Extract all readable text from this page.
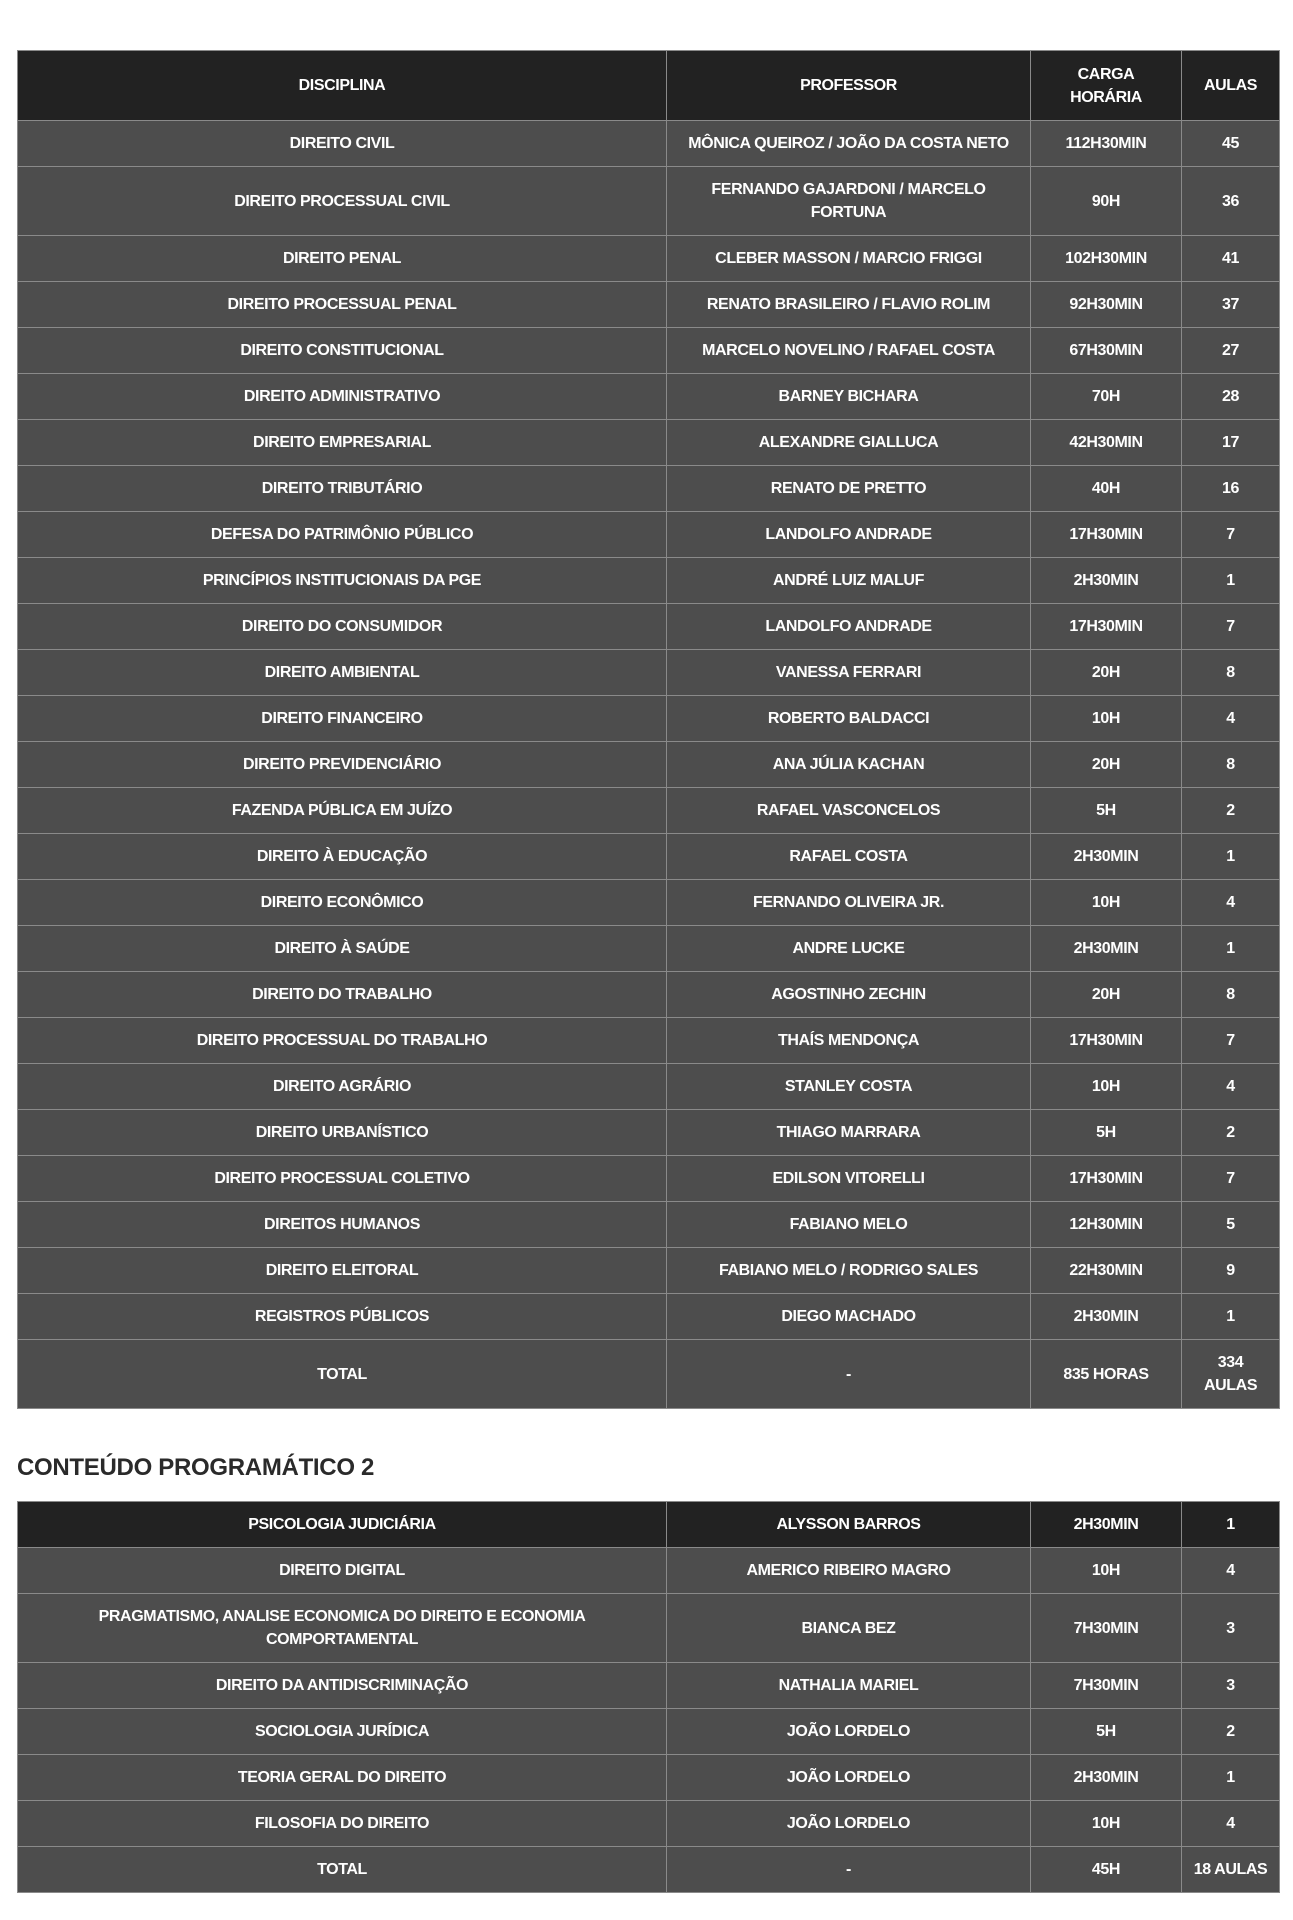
DISCIPLINA	PROFESSOR	CARGA HORÁRIA	AULAS
DIREITO CIVIL	MÔNICA QUEIROZ / JOÃO DA COSTA NETO	112H30MIN	45
DIREITO PROCESSUAL CIVIL	FERNANDO GAJARDONI / MARCELO FORTUNA	90H	36
DIREITO PENAL	CLEBER MASSON / MARCIO FRIGGI	102H30MIN	41
DIREITO PROCESSUAL PENAL	RENATO BRASILEIRO / FLAVIO ROLIM	92H30MIN	37
DIREITO CONSTITUCIONAL	MARCELO NOVELINO / RAFAEL COSTA	67H30MIN	27
DIREITO ADMINISTRATIVO	BARNEY BICHARA	70H	28
DIREITO EMPRESARIAL	ALEXANDRE GIALLUCA	42H30MIN	17
DIREITO TRIBUTÁRIO	RENATO DE PRETTO	40H	16
DEFESA DO PATRIMÔNIO PÚBLICO	LANDOLFO ANDRADE	17H30MIN	7
PRINCÍPIOS INSTITUCIONAIS DA PGE	ANDRÉ LUIZ MALUF	2H30MIN	1
DIREITO DO CONSUMIDOR	LANDOLFO ANDRADE	17H30MIN	7
DIREITO AMBIENTAL	VANESSA FERRARI	20H	8
DIREITO FINANCEIRO	ROBERTO BALDACCI	10H	4
DIREITO PREVIDENCIÁRIO	ANA JÚLIA KACHAN	20H	8
FAZENDA PÚBLICA EM JUÍZO	RAFAEL VASCONCELOS	5H	2
DIREITO À EDUCAÇÃO	RAFAEL COSTA	2H30MIN	1
DIREITO ECONÔMICO	FERNANDO OLIVEIRA JR.	10H	4
DIREITO À SAÚDE	ANDRE LUCKE	2H30MIN	1
DIREITO DO TRABALHO	AGOSTINHO ZECHIN	20H	8
DIREITO PROCESSUAL DO TRABALHO	THAÍS MENDONÇA	17H30MIN	7
DIREITO AGRÁRIO	STANLEY COSTA	10H	4
DIREITO URBANÍSTICO	THIAGO MARRARA	5H	2
DIREITO PROCESSUAL COLETIVO	EDILSON VITORELLI	17H30MIN	7
DIREITOS HUMANOS	FABIANO MELO	12H30MIN	5
DIREITO ELEITORAL	FABIANO MELO / RODRIGO SALES	22H30MIN	9
REGISTROS PÚBLICOS	DIEGO MACHADO	2H30MIN	1
TOTAL	-	835 HORAS	334 AULAS
CONTEÚDO PROGRAMÁTICO 2
PSICOLOGIA JUDICIÁRIA	ALYSSON BARROS	2H30MIN	1
DIREITO DIGITAL	AMERICO RIBEIRO MAGRO	10H	4
PRAGMATISMO, ANALISE ECONOMICA DO DIREITO E ECONOMIA COMPORTAMENTAL	BIANCA BEZ	7H30MIN	3
DIREITO DA ANTIDISCRIMINAÇÃO	NATHALIA MARIEL	7H30MIN	3
SOCIOLOGIA JURÍDICA	JOÃO LORDELO	5H	2
TEORIA GERAL DO DIREITO	JOÃO LORDELO	2H30MIN	1
FILOSOFIA DO DIREITO	JOÃO LORDELO	10H	4
TOTAL	-	45H	18 AULAS
